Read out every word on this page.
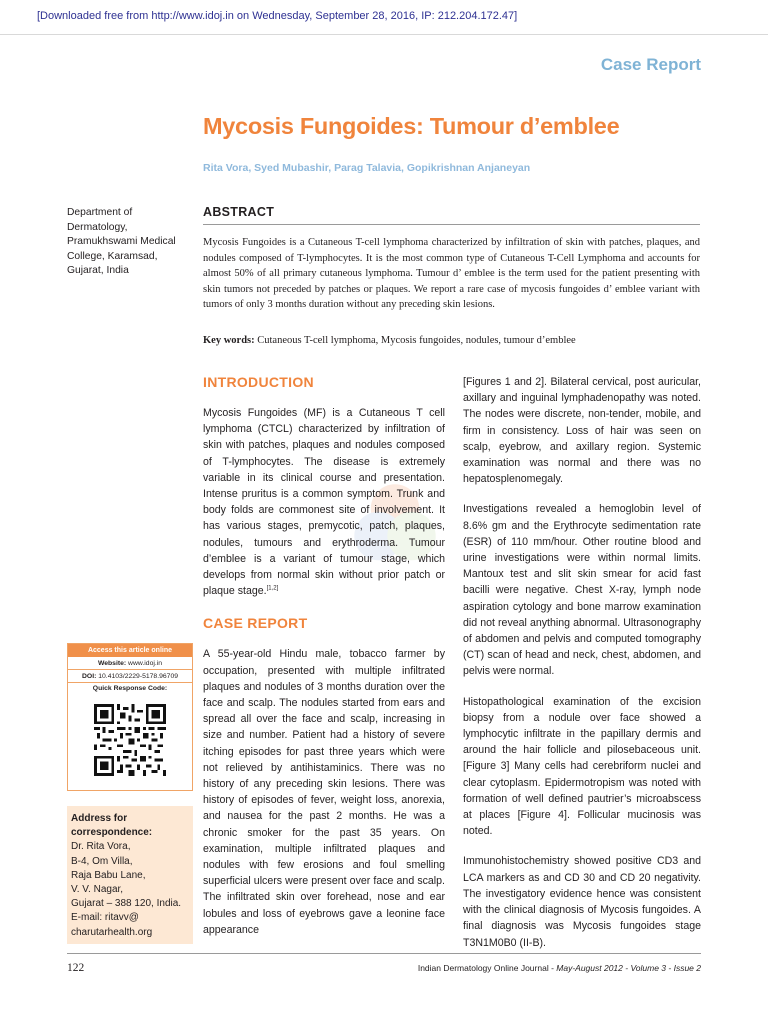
[Downloaded free from http://www.idoj.in on Wednesday, September 28, 2016, IP: 212.204.172.47]
Case Report
Mycosis Fungoides: Tumour d’emblee
Rita Vora, Syed Mubashir, Parag Talavia, Gopikrishnan Anjaneyan
Department of
Dermatology,
Pramukhswami Medical
College, Karamsad,
Gujarat, India
ABSTRACT
Mycosis Fungoides is a Cutaneous T-cell lymphoma characterized by infiltration of skin with patches, plaques, and nodules composed of T-lymphocytes. It is the most common type of Cutaneous T-Cell Lymphoma and accounts for almost 50% of all primary cutaneous lymphoma. Tumour d’ emblee is the term used for the patient presenting with skin tumors not preceded by patches or plaques. We report a rare case of mycosis fungoides d’ emblee variant with tumors of only 3 months duration without any preceding skin lesions.
Key words: Cutaneous T-cell lymphoma, Mycosis fungoides, nodules, tumour d’emblee
INTRODUCTION
Mycosis Fungoides (MF) is a Cutaneous T cell lymphoma (CTCL) characterized by infiltration of skin with patches, plaques and nodules composed of T-lymphocytes. The disease is extremely variable in its clinical course and presentation. Intense pruritus is a common symptom. Trunk and body folds are commonest site of involvement. It has various stages, premycotic, patch, plaques, nodules, tumours and erythroderma. Tumour d’emblee is a variant of tumour stage, which develops from normal skin without prior patch or plaque stage.[1,2]
CASE REPORT
A 55-year-old Hindu male, tobacco farmer by occupation, presented with multiple infiltrated plaques and nodules of 3 months duration over the face and scalp. The nodules started from ears and spread all over the face and scalp, increasing in size and number. Patient had a history of severe itching episodes for past three years which were not relieved by antihistaminics. There was no history of any preceding skin lesions. There was history of episodes of fever, weight loss, anorexia, and nausea for the past 2 months. He was a chronic smoker for the past 35 years. On examination, multiple infiltrated plaques and nodules with few erosions and foul smelling superficial ulcers were present over face and scalp. The infiltrated skin over forehead, nose and ear lobules and loss of eyebrows gave a leonine face appearance
[Figures 1 and 2]. Bilateral cervical, post auricular, axillary and inguinal lymphadenopathy was noted. The nodes were discrete, non-tender, mobile, and firm in consistency. Loss of hair was seen on scalp, eyebrow, and axillary region. Systemic examination was normal and there was no hepatosplenomegaly.
Investigations revealed a hemoglobin level of 8.6% gm and the Erythrocyte sedimentation rate (ESR) of 110 mm/hour. Other routine blood and urine investigations were within normal limits. Mantoux test and slit skin smear for acid fast bacilli were negative. Chest X-ray, lymph node aspiration cytology and bone marrow examination did not reveal anything abnormal. Ultrasonography of abdomen and pelvis and computed tomography (CT) scan of head and neck, chest, abdomen, and pelvis were normal.
Histopathological examination of the excision biopsy from a nodule over face showed a lymphocytic infiltrate in the papillary dermis and around the hair follicle and pilosebaceous unit. [Figure 3] Many cells had cerebriform nuclei and clear cytoplasm. Epidermotropism was noted with formation of well defined pautrier’s microabscess at places [Figure 4]. Follicular mucinosis was noted.
Immunohistochemistry showed positive CD3 and LCA markers as and CD 30 and CD 20 negativity. The investigatory evidence hence was consistent with the clinical diagnosis of Mycosis fungoides. A final diagnosis was Mycosis fungoides stage T3N1M0B0 (II-B).
Access this article online
Website: www.idoj.in
DOI: 10.4103/2229-5178.96709
Quick Response Code:
Address for
correspondence:
Dr. Rita Vora,
B-4, Om Villa,
Raja Babu Lane,
V. V. Nagar,
Gujarat – 388 120, India.
E-mail: ritavv@
charutarhealth.org
122	Indian Dermatology Online Journal - May-August 2012 - Volume 3 - Issue 2
